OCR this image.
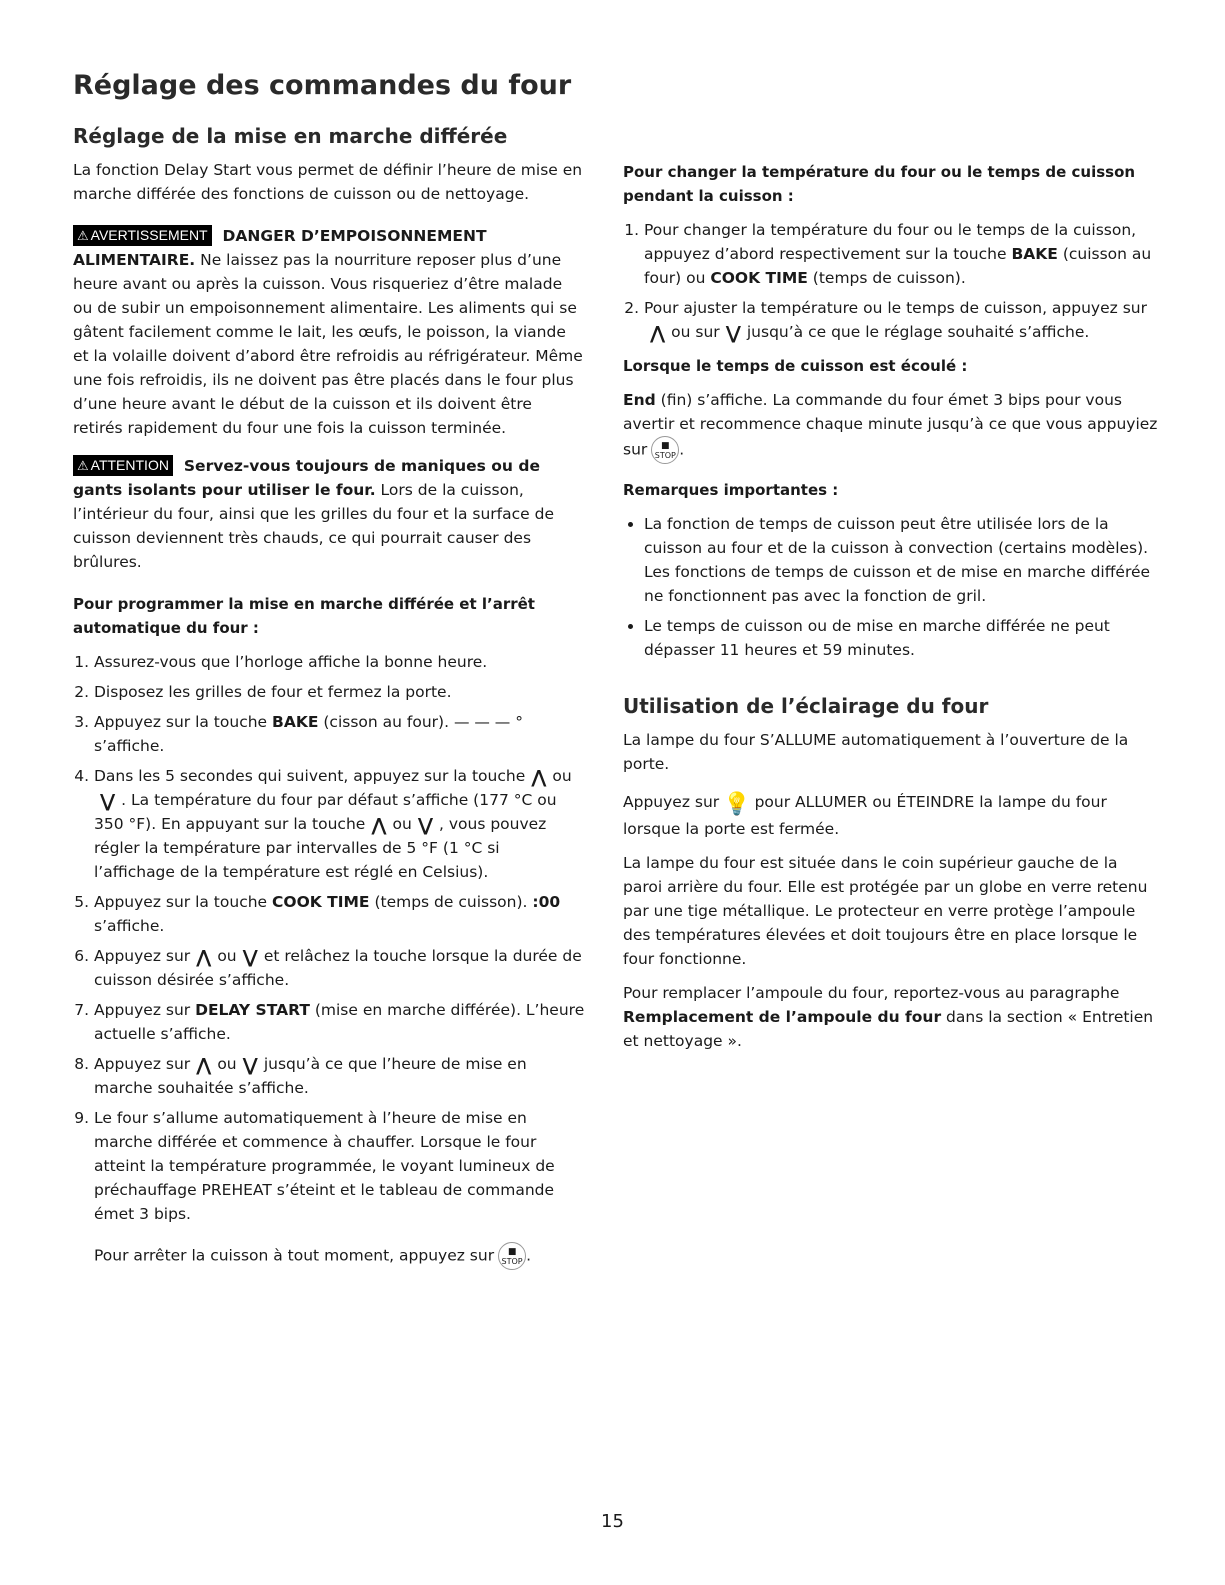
Réglage des commandes du four
Réglage de la mise en marche différée

La fonction Delay Start vous permet de définir l’heure de mise en marche différée des fonctions de cuisson ou de nettoyage.

⚠ AVERTISSEMENT DANGER D’EMPOISONNEMENT ALIMENTAIRE. Ne laissez pas la nourriture reposer plus d’une heure avant ou après la cuisson. Vous risqueriez d’être malade ou de subir un empoisonnement alimentaire. Les aliments qui se gâtent facilement comme le lait, les œufs, le poisson, la viande et la volaille doivent d’abord être refroidis au réfrigérateur. Même une fois refroidis, ils ne doivent pas être placés dans le four plus d’une heure avant le début de la cuisson et ils doivent être retirés rapidement du four une fois la cuisson terminée.

⚠ ATTENTION Servez-vous toujours de maniques ou de gants isolants pour utiliser le four. Lors de la cuisson, l’intérieur du four, ainsi que les grilles du four et la surface de cuisson deviennent très chauds, ce qui pourrait causer des brûlures.

Pour programmer la mise en marche différée et l’arrêt automatique du four :

1. Assurez-vous que l’horloge affiche la bonne heure.
2. Disposez les grilles de four et fermez la porte.
3. Appuyez sur la touche BAKE (cisson au four). — — — ° s’affiche.
4. Dans les 5 secondes qui suivent, appuyez sur la touche ⋀ ou⋁ . La température du four par défaut s’affiche (177 °C ou 350 °F). En appuyant sur la touche ⋀ ou ⋁ , vous pouvez régler la température par intervalles de 5 °F (1 °C si l’affichage de la température est réglé en Celsius).
5. Appuyez sur la touche COOK TIME (temps de cuisson). :00 s’affiche.
6. Appuyez sur ⋀ ou ⋁ et relâchez la touche lorsque la durée de cuisson désirée s’affiche.
7. Appuyez sur DELAY START (mise en marche différée). L’heure actuelle s’affiche.
8. Appuyez sur ⋀ ou ⋁ jusqu’à ce que l’heure de mise en marche souhaitée s’affiche.
9. Le four s’allume automatiquement à l’heure de mise en marche différée et commence à chauffer. Lorsque le four atteint la température programmée, le voyant lumineux de préchauffage PREHEAT s’éteint et le tableau de commande émet 3 bips.

Pour arrêter la cuisson à tout moment, appuyez sur	■
STOP .

Pour changer la température du four ou le temps de cuisson pendant la cuisson :

1. Pour changer la température du four ou le temps de la cuisson, appuyez d’abord respectivement sur la touche BAKE (cuisson au four) ou COOK TIME (temps de cuisson).
2. Pour ajuster la température ou le temps de cuisson, appuyez sur⋀ ou sur ⋁ jusqu’à ce que le réglage souhaité s’affiche.

Lorsque le temps de cuisson est écoulé :

End (fin) s’affiche. La commande du four émet 3 bips pour vous avertir et recommence chaque minute jusqu’à ce que vous appuyiez sur	■
STOP .

Remarques importantes :

• La fonction de temps de cuisson peut être utilisée lors de la cuisson au four et de la cuisson à convection (certains modèles). Les fonctions de temps de cuisson et de mise en marche différée ne fonctionnent pas avec la fonction de gril.
• Le temps de cuisson ou de mise en marche différée ne peut dépasser 11 heures et 59 minutes.
Utilisation de l’éclairage du four

La lampe du four S’ALLUME automatiquement à l’ouverture de la porte.

Appuyez sur 💡 pour ALLUMER ou ÉTEINDRE la lampe du four lorsque la porte est fermée.

La lampe du four est située dans le coin supérieur gauche de la paroi arrière du four. Elle est protégée par un globe en verre retenu par une tige métallique. Le protecteur en verre protège l’ampoule des températures élevées et doit toujours être en place lorsque le four fonctionne.

Pour remplacer l’ampoule du four, reportez-vous au paragraphe Remplacement de l’ampoule du four dans la section « Entretien et nettoyage ».

15
